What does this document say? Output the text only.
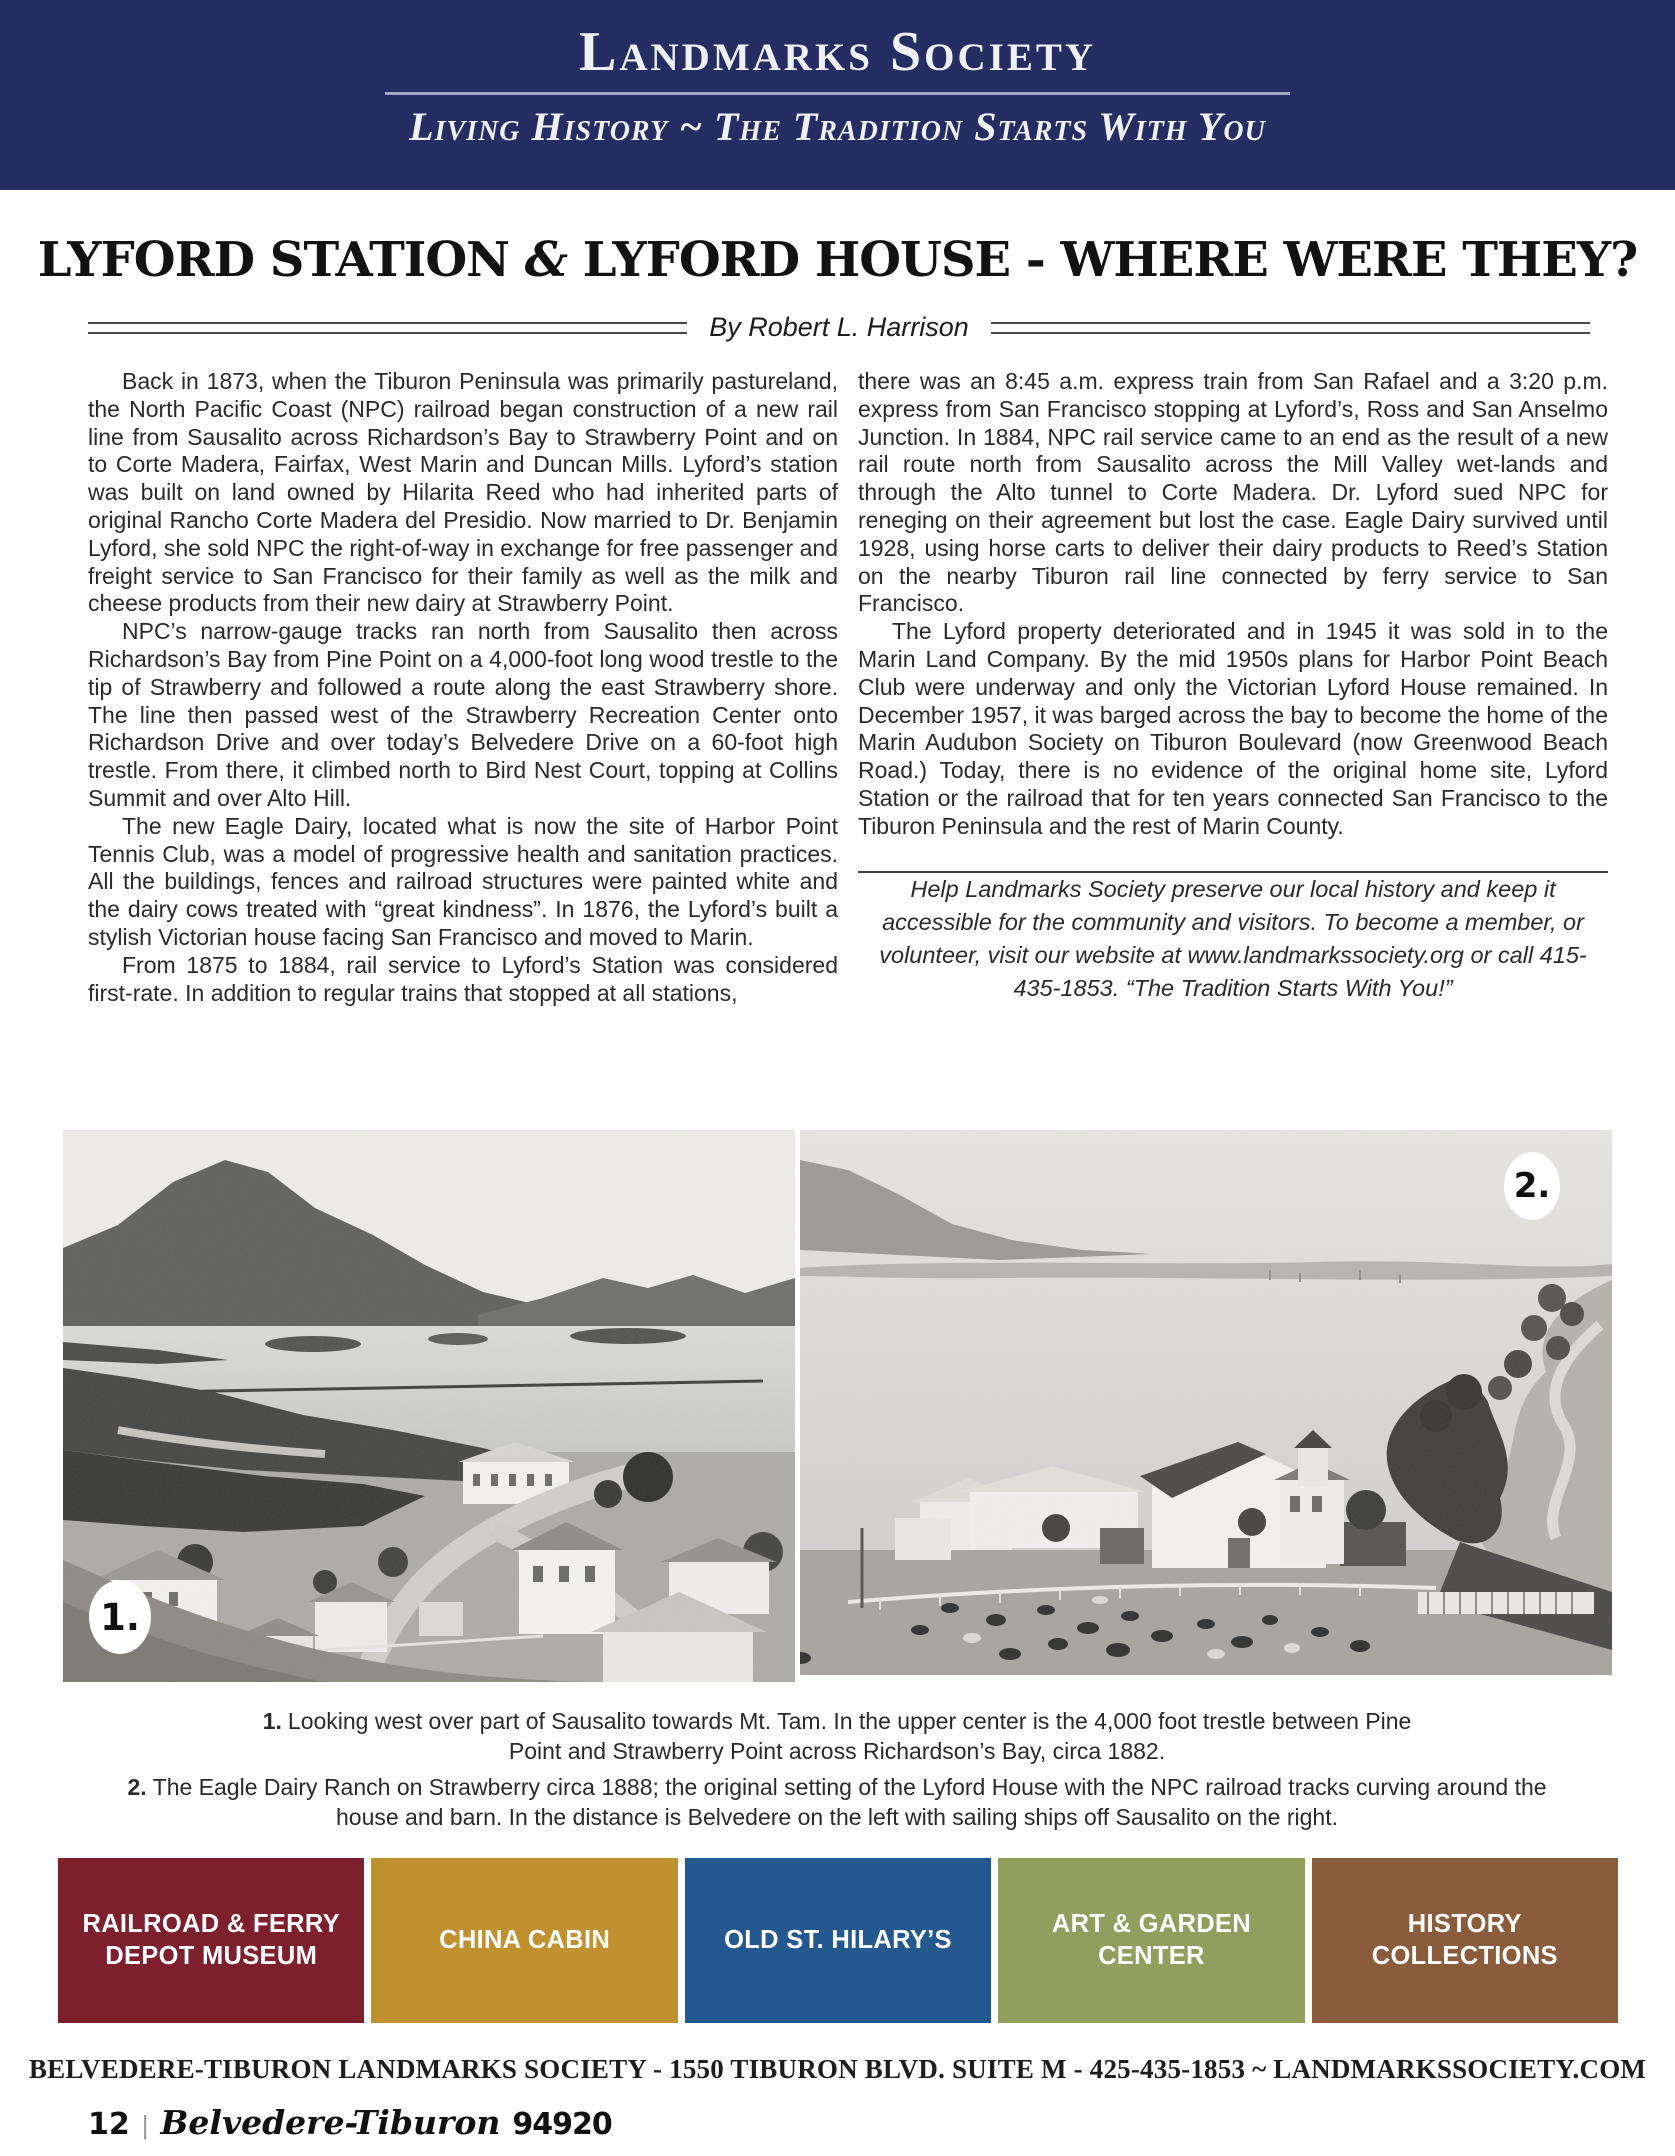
Landmarks Society

Living History ~ The Tradition Starts With You

LYFORD STATION & LYFORD HOUSE - WHERE WERE THEY?
By Robert L. Harrison

Back in 1873, when the Tiburon Peninsula was primarily pastureland, the North Pacific Coast (NPC) railroad began construction of a new rail line from Sausalito across Richardson’s Bay to Strawberry Point and on to Corte Madera, Fairfax, West Marin and Duncan Mills. Lyford’s station was built on land owned by Hilarita Reed who had inherited parts of original Rancho Corte Madera del Presidio. Now married to Dr. Benjamin Lyford, she sold NPC the right-of-way in exchange for free passenger and freight service to San Francisco for their family as well as the milk and cheese products from their new dairy at Strawberry Point.

NPC’s narrow-gauge tracks ran north from Sausalito then across Richardson’s Bay from Pine Point on a 4,000-foot long wood trestle to the tip of Strawberry and followed a route along the east Strawberry shore. The line then passed west of the Strawberry Recreation Center onto Richardson Drive and over today’s Belvedere Drive on a 60-foot high trestle. From there, it climbed north to Bird Nest Court, topping at Collins Summit and over Alto Hill.

The new Eagle Dairy, located what is now the site of Harbor Point Tennis Club, was a model of progressive health and sanitation practices. All the buildings, fences and railroad structures were painted white and the dairy cows treated with “great kindness”. In 1876, the Lyford’s built a stylish Victorian house facing San Francisco and moved to Marin.

From 1875 to 1884, rail service to Lyford’s Station was considered first-rate. In addition to regular trains that stopped at all stations,

there was an 8:45 a.m. express train from San Rafael and a 3:20 p.m. express from San Francisco stopping at Lyford’s, Ross and San Anselmo Junction. In 1884, NPC rail service came to an end as the result of a new rail route north from Sausalito across the Mill Valley wet-lands and through the Alto tunnel to Corte Madera. Dr. Lyford sued NPC for reneging on their agreement but lost the case. Eagle Dairy survived until 1928, using horse carts to deliver their dairy products to Reed’s Station on the nearby Tiburon rail line connected by ferry service to San Francisco.

The Lyford property deteriorated and in 1945 it was sold in to the Marin Land Company. By the mid 1950s plans for Harbor Point Beach Club were underway and only the Victorian Lyford House remained. In December 1957, it was barged across the bay to become the home of the Marin Audubon Society on Tiburon Boulevard (now Greenwood Beach Road.) Today, there is no evidence of the original home site, Lyford Station or the railroad that for ten years connected San Francisco to the Tiburon Peninsula and the rest of Marin County.

Help Landmarks Society preserve our local history and keep it accessible for the community and visitors. To become a member, or volunteer, visit our website at www.landmarkssociety.org or call 415-435-1853. “The Tradition Starts With You!”

1.
2.
1. Looking west over part of Sausalito towards Mt. Tam. In the upper center is the 4,000 foot trestle between Pine Point and Strawberry Point across Richardson’s Bay, circa 1882.
2. The Eagle Dairy Ranch on Strawberry circa 1888; the original setting of the Lyford House with the NPC railroad tracks curving around the house and barn. In the distance is Belvedere on the left with sailing ships off Sausalito on the right.
RAILROAD & FERRY DEPOT MUSEUM
CHINA CABIN	OLD ST. HILARY’S
ART & GARDEN CENTER
HISTORY COLLECTIONS
BELVEDERE-TIBURON LANDMARKS SOCIETY - 1550 TIBURON BLVD. SUITE M - 425-435-1853 ~ LANDMARKSSOCIETY.COM
12 | Belvedere-Tiburon 94920
